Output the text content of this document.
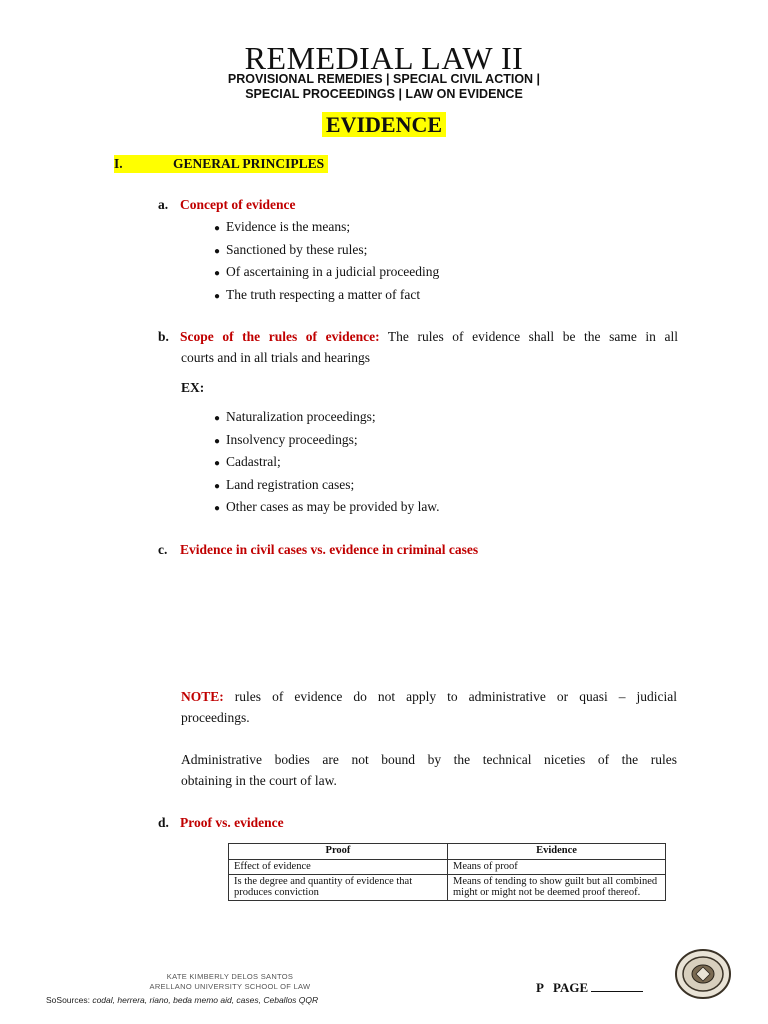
REMEDIAL LAW II
PROVISIONAL REMEDIES | SPECIAL CIVIL ACTION |
SPECIAL PROCEEDINGS | LAW ON EVIDENCE
EVIDENCE
I.	GENERAL PRINCIPLES
a. Concept of evidence
● Evidence is the means;
● Sanctioned by these rules;
● Of ascertaining in a judicial proceeding
● The truth respecting a matter of fact
b. Scope of the rules of evidence: The rules of evidence shall be the same in all
courts and in all trials and hearings
EX:
● Naturalization proceedings;
● Insolvency proceedings;
● Cadastral;
● Land registration cases;
● Other cases as may be provided by law.
c. Evidence in civil cases vs. evidence in criminal cases
NOTE: rules of evidence do not apply to administrative or quasi – judicial
proceedings.
Administrative bodies are not bound by the technical niceties of the rules
obtaining in the court of law.
d. Proof vs. evidence
Proof	Evidence
Effect of evidence	Means of proof
Is the degree and quantity of evidence that produces conviction	Means of tending to show guilt but all combined might or might not be deemed proof thereof.
KATE KIMBERLY DELOS SANTOS
ARELLANO UNIVERSITY SCHOOL OF LAW
SoSources: codal, herrera, riano, beda memo aid, cases, Ceballos QQR
P   PAGE
